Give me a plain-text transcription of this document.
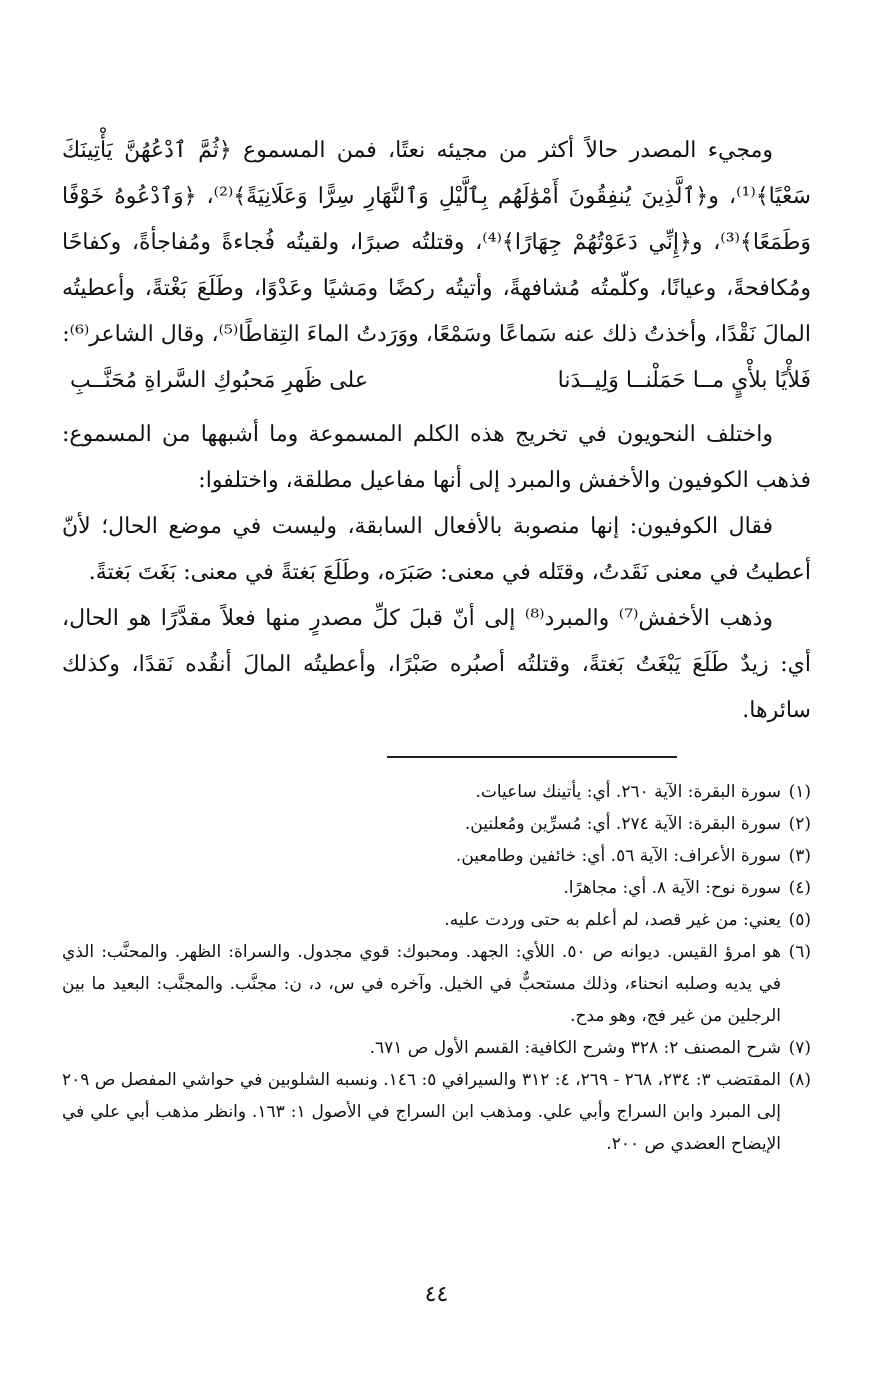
ومجيء المصدر حالاً أكثر من مجيئه نعتًا، فمن المسموع ﴿ثُمَّ ٱدْعُهُنَّ يَأْتِينَكَ سَعْيًا﴾⁽¹⁾، و﴿ٱلَّذِينَ يُنفِقُونَ أَمْوَٰلَهُم بِٱلَّيْلِ وَٱلنَّهَارِ سِرًّا وَعَلَانِيَةً﴾⁽²⁾، ﴿وَٱدْعُوهُ خَوْفًا وَطَمَعًا﴾⁽³⁾، و﴿إِنِّي دَعَوْتُهُمْ جِهَارًا﴾⁽⁴⁾، وقتلتُه صبرًا، ولقيتُه فُجاءةً ومُفاجأةً، وكفاحًا ومُكافحةً، وعيانًا، وكلّمتُه مُشافهةً، وأتيتُه ركضًا ومَشيًا وعَدْوًا، وطَلَعَ بَغْتةً، وأعطيتُه المالَ نَقْدًا، وأخذتُ ذلك عنه سَماعًا وسَمْعًا، ووَرَدتُ الماءَ التِقاطًا⁽⁵⁾، وقال الشاعر⁽⁶⁾:

فَلأْيًا بلأْيٍ مــا حَمَلْنــا وَلِيــدَنا
على ظَهرِ مَحبُوكِ السَّراةِ مُحَنَّــبِ

واختلف النحويون في تخريج هذه الكلم المسموعة وما أشبهها من المسموع: فذهب الكوفيون والأخفش والمبرد إلى أنها مفاعيل مطلقة، واختلفوا:

فقال الكوفيون: إنها منصوبة بالأفعال السابقة، وليست في موضع الحال؛ لأنّ أعطيتُ في معنى نَقَدتُ، وقتَله في معنى: صَبَرَه، وطَلَعَ بَغتةً في معنى: بَغَتَ بَغتةً.

وذهب الأخفش⁽⁷⁾ والمبرد⁽⁸⁾ إلى أنّ قبلَ كلِّ مصدرٍ منها فعلاً مقدَّرًا هو الحال، أي: زيدٌ طَلَعَ يَبْغَتُ بَغتةً، وقتلتُه أصبُره صَبْرًا، وأعطيتُه المالَ أنقُده نَقدًا، وكذلك سائرها.

(١)
سورة البقرة: الآية ٢٦٠. أي: يأتينك ساعيات.
(٢)
سورة البقرة: الآية ٢٧٤. أي: مُسرِّين ومُعلنين.
(٣)
سورة الأعراف: الآية ٥٦. أي: خائفين وطامعين.
(٤)
سورة نوح: الآية ٨. أي: مجاهرًا.
(٥)
يعني: من غير قصد، لم أعلم به حتى وردت عليه.
(٦)
هو امرؤ القيس. ديوانه ص ٥٠. اللأي: الجهد. ومحبوك: قوي مجدول. والسراة: الظهر. والمحنَّب: الذي في يديه وصلبه انحناء، وذلك مستحبٌّ في الخيل. وآخره في س، د، ن: مجنَّب. والمجنَّب: البعيد ما بين الرجلين من غير فج، وهو مدح.
(٧)
شرح المصنف ٢: ٣٢٨ وشرح الكافية: القسم الأول ص ٦٧١.
(٨)
المقتضب ٣: ٢٣٤، ٢٦٨ - ٢٦٩، ٤: ٣١٢ والسيرافي ٥: ١٤٦. ونسبه الشلوبين في حواشي المفصل ص ٢٠٩ إلى المبرد وابن السراج وأبي علي. ومذهب ابن السراج في الأصول ١: ١٦٣. وانظر مذهب أبي علي في الإيضاح العضدي ص ٢٠٠.
٤٤
